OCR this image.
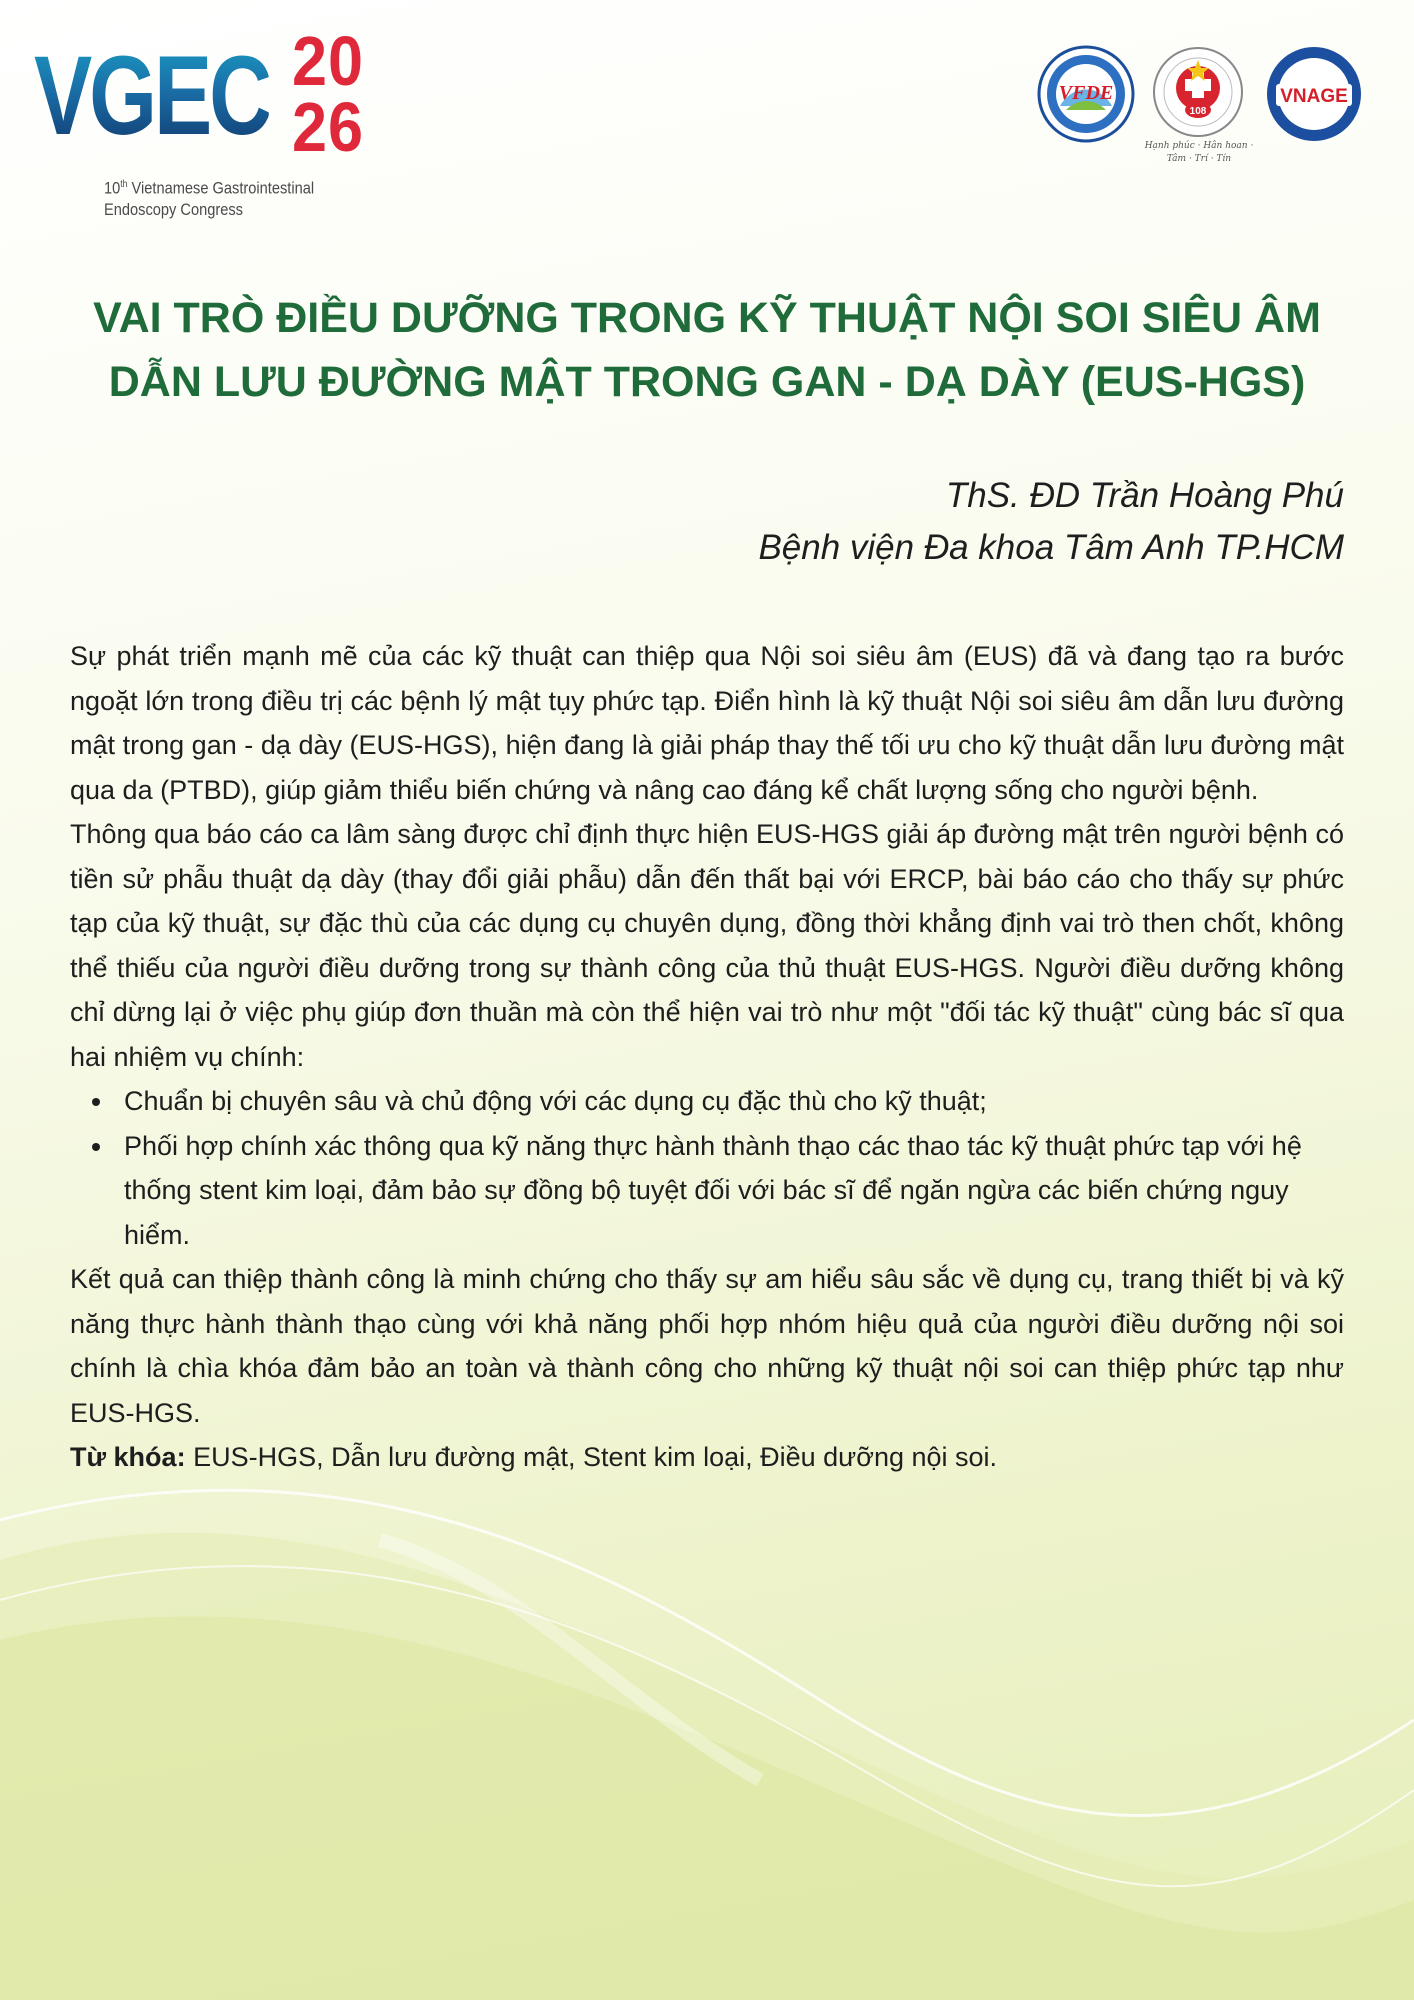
VGEC 20
26
10th Vietnamese Gastrointestinal
Endoscopy Congress
VFDE
108
Hạnh phúc · Hân hoan · Tâm · Trí · Tín
VNAGE
VAI TRÒ ĐIỀU DƯỠNG TRONG KỸ THUẬT NỘI SOI SIÊU ÂM
DẪN LƯU ĐƯỜNG MẬT TRONG GAN - DẠ DÀY (EUS-HGS)
ThS. ĐD Trần Hoàng Phú
Bệnh viện Đa khoa Tâm Anh TP.HCM

Sự phát triển mạnh mẽ của các kỹ thuật can thiệp qua Nội soi siêu âm (EUS) đã và đang tạo ra bước ngoặt lớn trong điều trị các bệnh lý mật tụy phức tạp. Điển hình là kỹ thuật Nội soi siêu âm dẫn lưu đường mật trong gan - dạ dày (EUS-HGS), hiện đang là giải pháp thay thế tối ưu cho kỹ thuật dẫn lưu đường mật qua da (PTBD), giúp giảm thiểu biến chứng và nâng cao đáng kể chất lượng sống cho người bệnh.

Thông qua báo cáo ca lâm sàng được chỉ định thực hiện EUS-HGS giải áp đường mật trên người bệnh có tiền sử phẫu thuật dạ dày (thay đổi giải phẫu) dẫn đến thất bại với ERCP, bài báo cáo cho thấy sự phức tạp của kỹ thuật, sự đặc thù của các dụng cụ chuyên dụng, đồng thời khẳng định vai trò then chốt, không thể thiếu của người điều dưỡng trong sự thành công của thủ thuật EUS-HGS. Người điều dưỡng không chỉ dừng lại ở việc phụ giúp đơn thuần mà còn thể hiện vai trò như một "đối tác kỹ thuật" cùng bác sĩ qua hai nhiệm vụ chính:

Chuẩn bị chuyên sâu và chủ động với các dụng cụ đặc thù cho kỹ thuật;
Phối hợp chính xác thông qua kỹ năng thực hành thành thạo các thao tác kỹ thuật phức tạp với hệ thống stent kim loại, đảm bảo sự đồng bộ tuyệt đối với bác sĩ để ngăn ngừa các biến chứng nguy hiểm.

Kết quả can thiệp thành công là minh chứng cho thấy sự am hiểu sâu sắc về dụng cụ, trang thiết bị và kỹ năng thực hành thành thạo cùng với khả năng phối hợp nhóm hiệu quả của người điều dưỡng nội soi chính là chìa khóa đảm bảo an toàn và thành công cho những kỹ thuật nội soi can thiệp phức tạp như EUS-HGS.

Từ khóa: EUS-HGS, Dẫn lưu đường mật, Stent kim loại, Điều dưỡng nội soi.
